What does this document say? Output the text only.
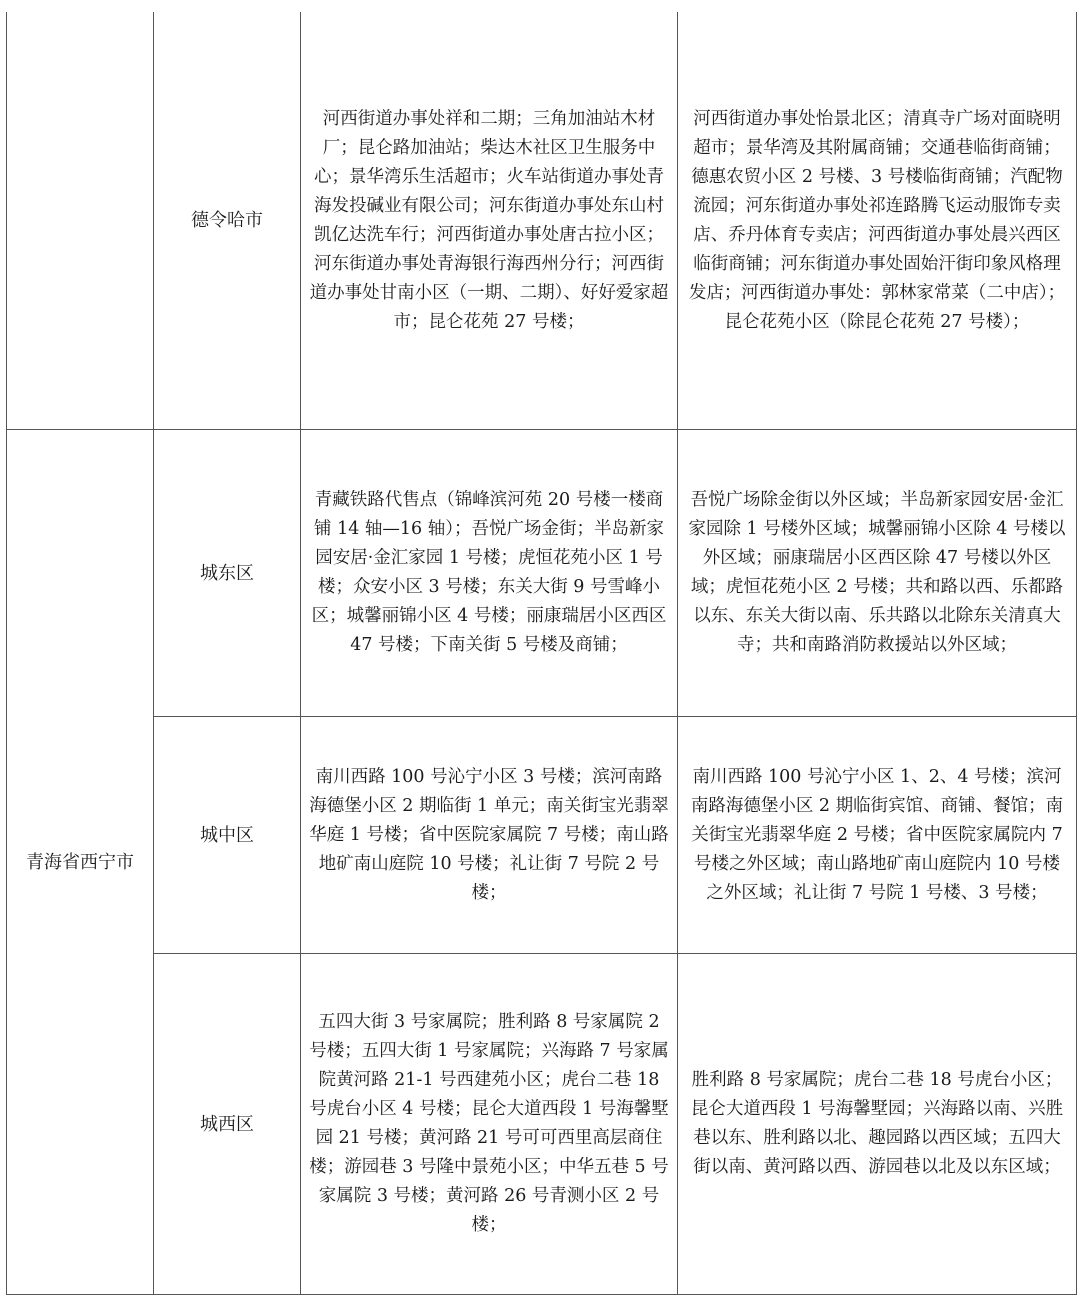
	德令哈市	河西街道办事处祥和二期；三角加油站木材厂；昆仑路加油站；柴达木社区卫生服务中心；景华湾乐生活超市；火车站街道办事处青海发投碱业有限公司；河东街道办事处东山村凯亿达洗车行；河西街道办事处唐古拉小区；河东街道办事处青海银行海西州分行；河西街道办事处甘南小区（一期、二期）、好好爱家超市；昆仑花苑 27 号楼；	河西街道办事处怡景北区；清真寺广场对面晓明超市；景华湾及其附属商铺；交通巷临街商铺；德惠农贸小区 2 号楼、3 号楼临街商铺；汽配物流园；河东街道办事处祁连路腾飞运动服饰专卖店、乔丹体育专卖店；河西街道办事处晨兴西区临街商铺；河东街道办事处固始汗街印象风格理发店；河西街道办事处：郭林家常菜（二中店）；昆仑花苑小区（除昆仑花苑 27 号楼）；
青海省西宁市	城东区	青藏铁路代售点（锦峰滨河苑 20 号楼一楼商铺 14 轴—16 轴）；吾悦广场金街；半岛新家园安居·金汇家园 1 号楼；虎恒花苑小区 1 号楼；众安小区 3 号楼；东关大街 9 号雪峰小区；城馨丽锦小区 4 号楼；丽康瑞居小区西区 47 号楼；下南关街 5 号楼及商铺；	吾悦广场除金街以外区域；半岛新家园安居·金汇家园除 1 号楼外区域；城馨丽锦小区除 4 号楼以外区域；丽康瑞居小区西区除 47 号楼以外区域；虎恒花苑小区 2 号楼；共和路以西、乐都路以东、东关大街以南、乐共路以北除东关清真大寺；共和南路消防救援站以外区域；
	城中区	南川西路 100 号沁宁小区 3 号楼；滨河南路海德堡小区 2 期临街 1 单元；南关街宝光翡翠华庭 1 号楼；省中医院家属院 7 号楼；南山路地矿南山庭院 10 号楼；礼让街 7 号院 2 号楼；	南川西路 100 号沁宁小区 1、2、4 号楼；滨河南路海德堡小区 2 期临街宾馆、商铺、餐馆；南关街宝光翡翠华庭 2 号楼；省中医院家属院内 7 号楼之外区域；南山路地矿南山庭院内 10 号楼之外区域；礼让街 7 号院 1 号楼、3 号楼；
	城西区	五四大街 3 号家属院；胜利路 8 号家属院 2 号楼；五四大街 1 号家属院；兴海路 7 号家属院黄河路 21-1 号西建苑小区；虎台二巷 18 号虎台小区 4 号楼；昆仑大道西段 1 号海馨墅园 21 号楼；黄河路 21 号可可西里高层商住楼；游园巷 3 号隆中景苑小区；中华五巷 5 号家属院 3 号楼；黄河路 26 号青测小区 2 号楼；	胜利路 8 号家属院；虎台二巷 18 号虎台小区；昆仑大道西段 1 号海馨墅园；兴海路以南、兴胜巷以东、胜利路以北、趣园路以西区域；五四大街以南、黄河路以西、游园巷以北及以东区域；
